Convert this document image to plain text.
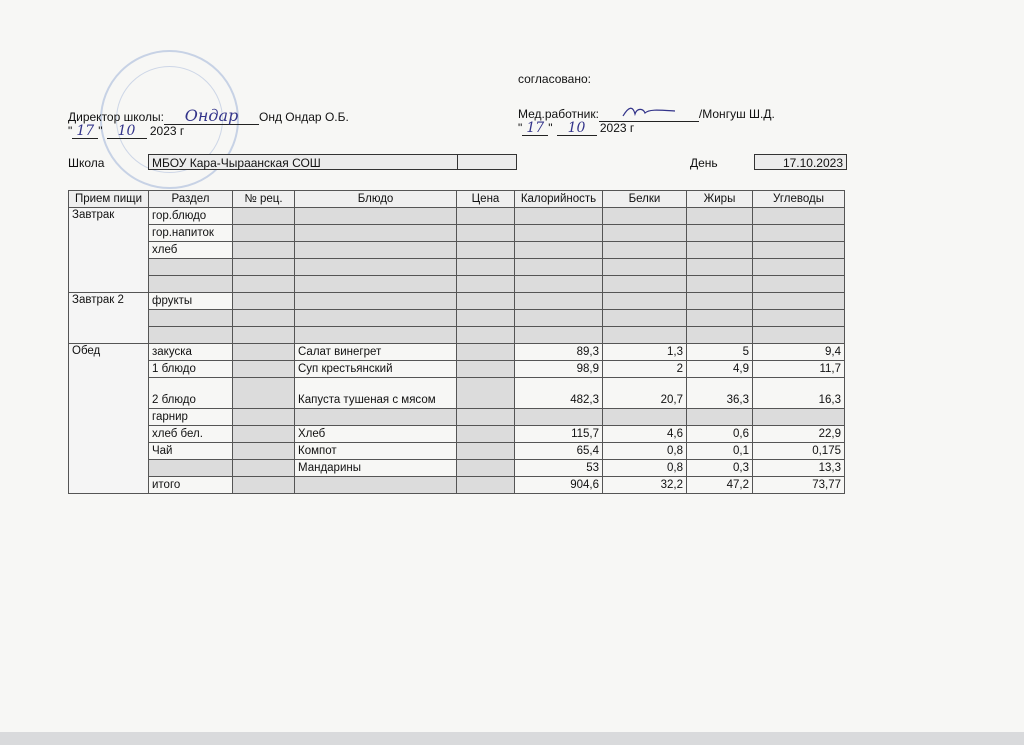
согласовано:
Директор школы: Ондар Онд Ондар О.Б.
" 17 " 10 2023 г
Мед.работник:	/Монгуш Ш.Д.
" 17 " 10 2023 г
Школа	МБОУ Кара-Чыраанская СОШ	День	17.10.2023
Прием пищи	Раздел	№ рец.	Блюдо	Цена	Калорийность	Белки	Жиры	Углеводы
Завтрак	гор.блюдо							
	гор.напиток							
	хлеб							

Завтрак 2	фрукты							

Обед	закуска		Салат винегрет		89,3	1,3	5	9,4
	1 блюдо		Суп крестьянский		98,9	2	4,9	11,7
	2 блюдо		Капуста тушеная с мясом		482,3	20,7	36,3	16,3
	гарнир							
	хлеб бел.		Хлеб		115,7	4,6	0,6	22,9
	Чай		Компот		65,4	0,8	0,1	0,175
			Мандарины		53	0,8	0,3	13,3
	итого				904,6	32,2	47,2	73,77
